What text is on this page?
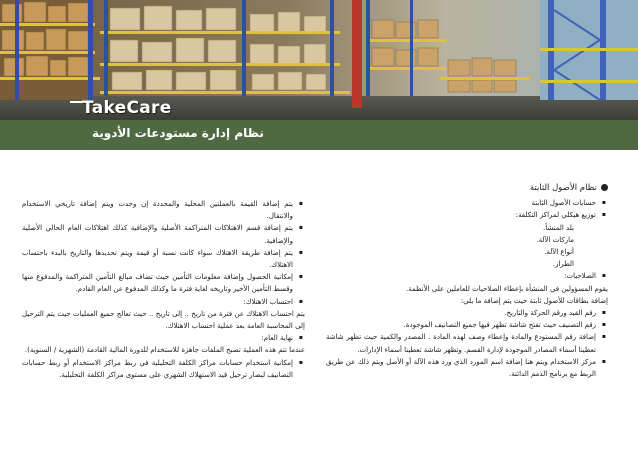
TakeCare
نظام إدارة مستودعات الأدوية
نظام الأصول الثابتة
▪ حسابات الأصول الثابتة
▪ توزيع هيكلي لمراكز التكلفة:
بلد المنشأ.
ماركات الآلة.
أنواع الآلة.
الطراز.
▪ الصلاحيات:
يقوم المسؤولين في المنشأة بإعطاء الصلاحيات للعاملين على الأنظمة.
إضافة بطاقات للأصول ثابتة حيث يتم إضافة ما يلي:
▪ رقم القيد ورقم الحركة والتاريخ.
▪ رقم التصنيف حيث تفتح شاشة تظهر فيها جميع التصانيف الموجودة.
▪ إضافة رقم المستودع والمادة وإعطاء وصف لهذه المادة . المصدر والكمية حيث تظهر شاشة تعطينا أسماء المصادر الموجودة لإدارة القسم. وتظهر شاشة تعطينا أسماء الإدارات.
▪ مركز الاستخدام ويتم هنا إضافة اسم المورد الذي ورد هذه الآلة أو الأصل ويتم ذلك عن طريق الربط مع برنامج الذمم الدائنة.
▪ يتم إضافة القيمة بالعملتين المحلية والمحددة إن وجدت ويتم إضافة تاريخي الاستخدام والانتقال.
▪ يتم إضافة قسم الاهتلاكات المتراكمة الأصلية والإضافية كذلك اهتلاكات العام الحالي الأصلية والإضافية.
▪ يتم إضافة طريقة الاهتلاك سواء كانت نسبة أو قيمة ويتم تحديدها والتاريخ بالبدء باحتساب الاهتلاك.
▪ إمكانية الحصول وإضافة معلومات التأمين حيث تضاف مبالغ التأمين المتراكمة والمدفوع منها وقسط التأمين الأخير وتاريخه لغاية فترة ما وكذلك المدفوع عن العام القادم.
▪ احتساب الاهتلاك:
يتم احتساب الاهتلاك عن فترة من تاريخ .. إلى تاريخ .. حيث تعالج جميع العمليات حيث يتم الترحيل إلى المحاسبة العامة بعد عملية احتساب الاهتلاك.
▪ نهاية العام:
عندما تتم هذه العملية تصبح الملفات جاهزة للاستخدام للدورة المالية القادمة (الشهرية / السنوية).
▪ إمكانية استخدام حسابات مراكز الكلفة التحليلية في ربط مراكز الاستخدام أو ربط حسابات التصانيف ليصار ترحيل قيد الاستهلاك الشهري على مستوى مراكز الكلفة التحليلية.
